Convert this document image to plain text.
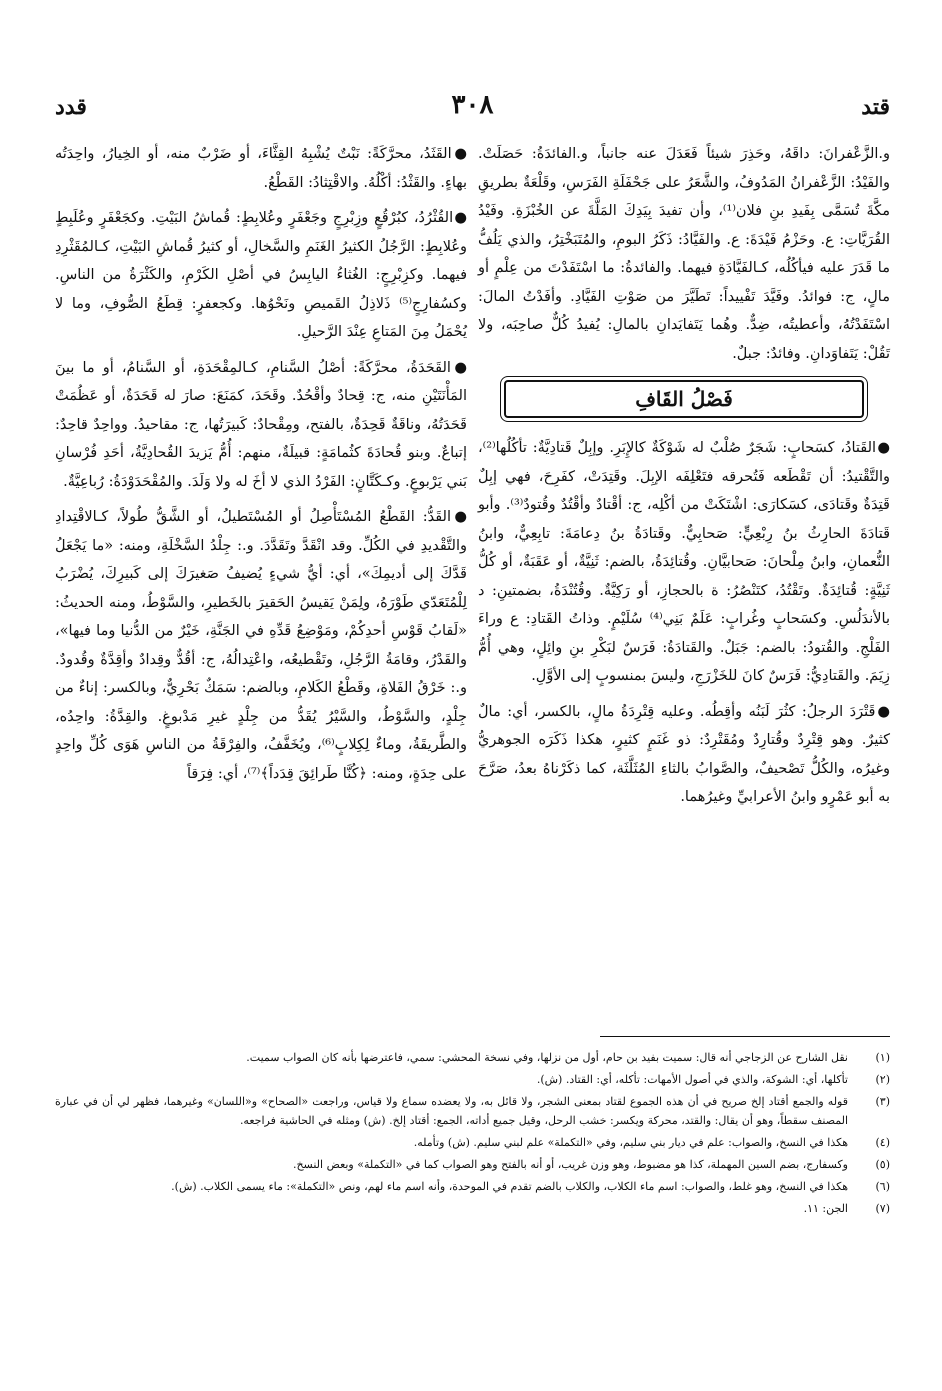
قتد
٣٠٨
قدد

و.الزَّعْفرانَ: داقَهُ، وحَذِرَ شيئاً فَعَدَلَ عنه جانباً، و.الفائدَةُ: حَصَلَتْ. والفَيْدُ: الزَّعْفرانُ المَدُوفُ، والشَّعَرُ على جَحْفَلَةِ الفَرَسِ، وقَلْعَةٌ بطريقِ مكَّةَ تُسَمَّى بِفَيدِ بنِ فلان⁽¹⁾، وأن تفيدَ بِيَدِكَ المَلَّةَ عن الخُبْزَةِ. وفَيْدُ القُرَيَّاتِ: ع. وحَزْمُ فَيْدَةَ: ع. والفَيَّادُ: ذَكَرُ البومِ، والمُتَبَخْتِرُ، والذي يَلُفُّ ما قَدَرَ عليه فيأكُلُه، كـالفَيَّادَةِ فيهما. والفائدةُ: ما اسْتَفَدْتَ من عِلْمٍ أو مالٍ، ج: فوائدُ. وفَيَّدَ تَفْييداً: تَطَيَّرَ من صَوْتِ الفَيَّادِ. وأفَدْتُ المالَ: اسْتَفَدْتُهُ، وأعطيتُه، ضِدٌّ. وهُما يَتَفايَدانِ بالمالِ: يُفيدُ كُلٌّ صاحِبَه، ولا تَقُلْ: يَتَفاوَدانِ. وفائدٌ: جبلٌ.

فَصْلُ القَافِ

●القَتادُ، كسَحابٍ: شَجَرٌ صُلْبٌ له شَوْكَةٌ كالإِبَرِ. وإبِلٌ قَتادِيَّةٌ: تأكُلُها⁽²⁾، والتَّقْتيدُ: أن تَقْطَعه فَتُحرقه فتَعْلِفَه الإبِلَ. وقَتِدَتْ، كفَرِحَ، فهي إبِلٌ قَتِدَةٌ وقَتادَى، كسَكارَى: اشْتَكَتْ من أكْلِه، ج: أقْتادٌ وأقْتُدٌ وقُتودٌ⁽³⁾. وأبو قَتادَةَ الحارِثُ بنُ رِبْعِيٍّ: صَحابِيٌّ. وقَتادَةُ بنُ دِعامَةَ: تابِعِيٌّ، وابنُ النُّعمانِ، وابنُ مِلْحانَ: صَحابيَّانِ. وقُتائِدَةُ، بالضم: ثَنِيَّةٌ، أو عَقَبَةٌ، أو كُلُّ ثَنِيَّةٍ: قُتائِدَةٌ. وتَقْتُدُ، كتَنْصُرُ: ة بالحجازِ، أو رَكِيَّةٌ. وقُتُنْدَةُ، بضمتينِ: د بالأندَلُسِ. وكسَحابٍ وغُرابٍ: عَلَمٌ بَنِي⁽⁴⁾ سُلَيْمٍ. وذاتُ القَتادِ: ع وراءَ الفَلْجِ. والقُتودُ: بالضم: جَبَلٌ. والقَتادَةُ: فَرَسٌ لبَكْرِ بنِ وائِلٍ، وهي أُمُّ زِيَمَ. والقَتادِيُّ: فَرَسٌ كانَ للخَزْرَجِ، وليسَ بمنسوبٍ إلى الأوَّلِ.

●قَتْرَدَ الرجلُ: كثُرَ لَبَنُه وأقِطُه. وعليه قِتْرِدَةُ مالٍ، بالكسر، أي: مالٌ كثيرٌ. وهو قِتْرِدٌ وقُتارِدٌ ومُقَتْرِدٌ: ذو غَنَمٍ كثيرٍ، هكذا ذَكَرَه الجوهريُّ وغيرُه، والكُلُّ تَصْحيفٌ، والصَّوابُ بالثاءِ المُثَلَّثَة، كما ذكَرْناهُ بعدُ، صَرَّحَ به أبو عَمْرٍو وابنُ الأعرابيِّ وغيرُهما.

●القَثَدُ، محرَّكَةً: نَبْتٌ يُشْبِهُ القِثَّاءَ، أو ضَرْبٌ منه، أو الخِيارُ، واحِدَتُه بهاءٍ. والقَثْدُ: أكْلُهُ. والاقْتِثادُ: القَطْعُ.

●القُثْرُدُ، كبُرْقُعٍ وزِبْرِجٍ وجَعْفَرٍ وعُلابِطٍ: قُماشُ البَيْتِ. وكجَعْفَرٍ وعُلَبِطٍ وعُلابِطٍ: الرَّجُلُ الكثيرُ الغَنَمِ والسَّخالِ، أو كثيرُ قُماشِ البَيْتِ، كـالمُقَثْرِدِ فيهما. وكزِبْرِجٍ: الغُثاءُ اليابِسُ في أصْلِ الكَرْمِ، والكَثْرَةُ من الناسِ. وكسُفارِجٍ⁽⁵⁾ ذَلاذِلُ القَميصِ ونَحْوُها. وكجعفرٍ: قِطَعُ الصُّوفِ، وما لا يُحْمَلُ مِنَ المَتاعِ عِنْدَ الرَّحيلِ.

●القَحَدَةُ، محرَّكَةً: أصْلُ السَّنامِ، كـالمِقْحَدَةِ، أو السَّنامُ، أو ما بينَ المَأْنَتَيْنِ منه، ج: قِحادٌ وأقْحُدٌ. وقَحَدَ، كمَنَعَ: صارَ له قَحَدَةٌ، أو عَظُمَتْ قَحَدَتُهُ، وناقَةٌ قَحِدَةٌ، بالفتح، ومِقْحادٌ: كَبيرَتُها، ج: مقاحيدُ. وواحِدٌ قاحِدٌ: إتباعٌ. وبنو قُحادَةَ كثُمامَةٍ: قبيلَةٌ، منهم: أُمُّ يَزيدَ القُحادِيَّةُ، أحَدِ فُرْسانِ بَني يَرْبوعٍ. وكـكَتَّانٍ: الفَرْدُ الذي لا أخَ له ولا وَلَدَ. والمُقْحَدَوْدَةُ: رُباعِيَّةٌ.

●القَدُّ: القَطْعُ المُسْتَأْصِلُ أو المُسْتَطيلُ، أو الشَّقُّ طُولاً، كـالاقْتِدادِ والتَّقْديدِ في الكُلِّ. وقد انْقَدَّ وتَقَدَّدَ. و.: جِلْدُ السَّخْلَةِ، ومنه: «ما يَجْعَلُ قَدَّكَ إلى أديمِكَ»، أي: أيُّ شيءٍ يُضيفُ صَغيرَكَ إلى كَبيرِكَ، يُضْرَبُ لِلْمُتَعَدّي طَوْرَهُ، ولِمَنْ يَقيسُ الحَقيرَ بالخَطيرِ، والسَّوْطُ، ومنه الحديثُ: «لَقابُ قَوْسِ أحدِكُمْ، ومَوْضِعُ قَدِّهِ في الجَنَّةِ، خَيْرٌ من الدُّنيا وما فيها»، والقَدْرُ، وقامَةُ الرَّجُلِ، وتَقْطيعُه، واعْتِدالُهُ، ج: أقُدٌّ وقِدادٌ وأقِدَّةٌ وقُدودٌ. و.: خَرْقُ الفَلاةِ، وقَطْعُ الكَلامِ، وبالضم: سَمَكٌ بَحْرِيٌّ، وبالكسر: إناءٌ من جِلْدٍ، والسَّوْطُ، والسَّيْرُ يُقَدُّ من جِلْدٍ غيرِ مَدْبوغٍ. والقِدَّةُ: واحِدُه، والطَّريقَةُ، وماءٌ لِكِلابٍ⁽⁶⁾، ويُخَفَّفُ، والفِرْقَةُ من الناسِ هَوَى كُلِّ واحِدٍ على حِدَةٍ، ومنه: ﴿كُنَّا طَرائِقَ قِدَداً﴾⁽⁷⁾، أي: فِرَقاً

(١)
نقل الشارح عن الزجاجي أنه قال: سميت بفيد بن حام، أول من نزلها، وفي نسخة المحشي: سمي، فاعترضها بأنه كان الصواب سميت.
(٢)
تأكلها، أي: الشوكة، والذي في أصول الأمهات: تأكله، أي: القتاد. (ش).
(٣)
قوله والجمع أقتاد إلخ صريح في أن هذه الجموع لقتاد بمعنى الشجر، ولا قائل به، ولا يعضده سماع ولا قياس، وراجعت «الصحاح» و«اللسان» وغيرهما، فظهر لي أن في عبارة المصنف سقطاً، وهو أن يقال: والقتد، محركة ويكسر: خشب الرحل، وقيل جميع أداته، الجمع: أقتاد إلخ. (ش) ومثله في الحاشية فراجعه.
(٤)
هكذا في النسخ، والصواب: علم في ديار بني سليم، وفي «التكملة» علم لبني سليم. (ش) وتأمله.
(٥)
وكسفارج، بضم السين المهملة، كذا هو مضبوط، وهو وزن غريب، أو أنه بالفتح وهو الصواب كما في «التكملة» وبعض النسخ.
(٦)
هكذا في النسخ، وهو غلط، والصواب: اسم ماء الكلاب، والكلاب بالضم تقدم في الموحدة، وأنه اسم ماء لهم، ونص «التكملة»: ماء يسمى الكلاب. (ش).
(٧)
الجن: ١١.
